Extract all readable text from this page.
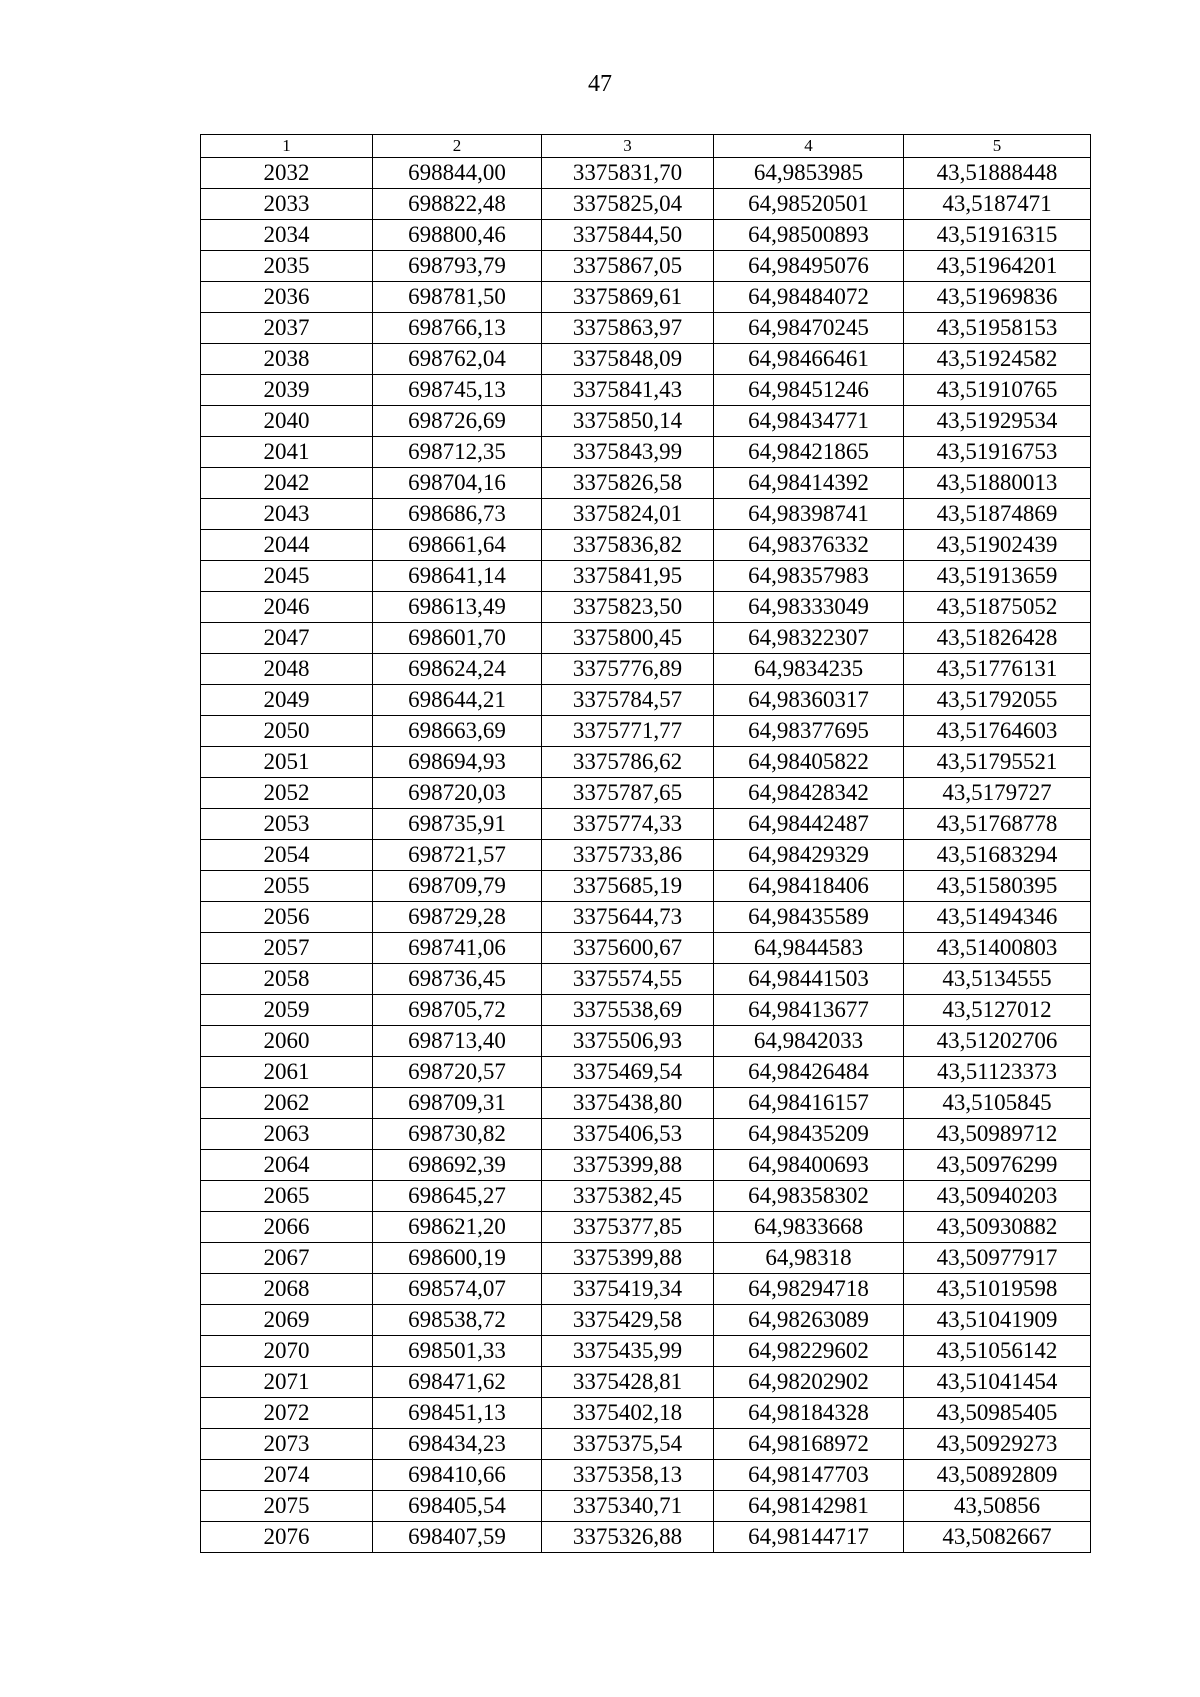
47
1	2	3	4	5
2032	698844,00	3375831,70	64,9853985	43,51888448
2033	698822,48	3375825,04	64,98520501	43,5187471
2034	698800,46	3375844,50	64,98500893	43,51916315
2035	698793,79	3375867,05	64,98495076	43,51964201
2036	698781,50	3375869,61	64,98484072	43,51969836
2037	698766,13	3375863,97	64,98470245	43,51958153
2038	698762,04	3375848,09	64,98466461	43,51924582
2039	698745,13	3375841,43	64,98451246	43,51910765
2040	698726,69	3375850,14	64,98434771	43,51929534
2041	698712,35	3375843,99	64,98421865	43,51916753
2042	698704,16	3375826,58	64,98414392	43,51880013
2043	698686,73	3375824,01	64,98398741	43,51874869
2044	698661,64	3375836,82	64,98376332	43,51902439
2045	698641,14	3375841,95	64,98357983	43,51913659
2046	698613,49	3375823,50	64,98333049	43,51875052
2047	698601,70	3375800,45	64,98322307	43,51826428
2048	698624,24	3375776,89	64,9834235	43,51776131
2049	698644,21	3375784,57	64,98360317	43,51792055
2050	698663,69	3375771,77	64,98377695	43,51764603
2051	698694,93	3375786,62	64,98405822	43,51795521
2052	698720,03	3375787,65	64,98428342	43,5179727
2053	698735,91	3375774,33	64,98442487	43,51768778
2054	698721,57	3375733,86	64,98429329	43,51683294
2055	698709,79	3375685,19	64,98418406	43,51580395
2056	698729,28	3375644,73	64,98435589	43,51494346
2057	698741,06	3375600,67	64,9844583	43,51400803
2058	698736,45	3375574,55	64,98441503	43,5134555
2059	698705,72	3375538,69	64,98413677	43,5127012
2060	698713,40	3375506,93	64,9842033	43,51202706
2061	698720,57	3375469,54	64,98426484	43,51123373
2062	698709,31	3375438,80	64,98416157	43,5105845
2063	698730,82	3375406,53	64,98435209	43,50989712
2064	698692,39	3375399,88	64,98400693	43,50976299
2065	698645,27	3375382,45	64,98358302	43,50940203
2066	698621,20	3375377,85	64,9833668	43,50930882
2067	698600,19	3375399,88	64,98318	43,50977917
2068	698574,07	3375419,34	64,98294718	43,51019598
2069	698538,72	3375429,58	64,98263089	43,51041909
2070	698501,33	3375435,99	64,98229602	43,51056142
2071	698471,62	3375428,81	64,98202902	43,51041454
2072	698451,13	3375402,18	64,98184328	43,50985405
2073	698434,23	3375375,54	64,98168972	43,50929273
2074	698410,66	3375358,13	64,98147703	43,50892809
2075	698405,54	3375340,71	64,98142981	43,50856
2076	698407,59	3375326,88	64,98144717	43,5082667
